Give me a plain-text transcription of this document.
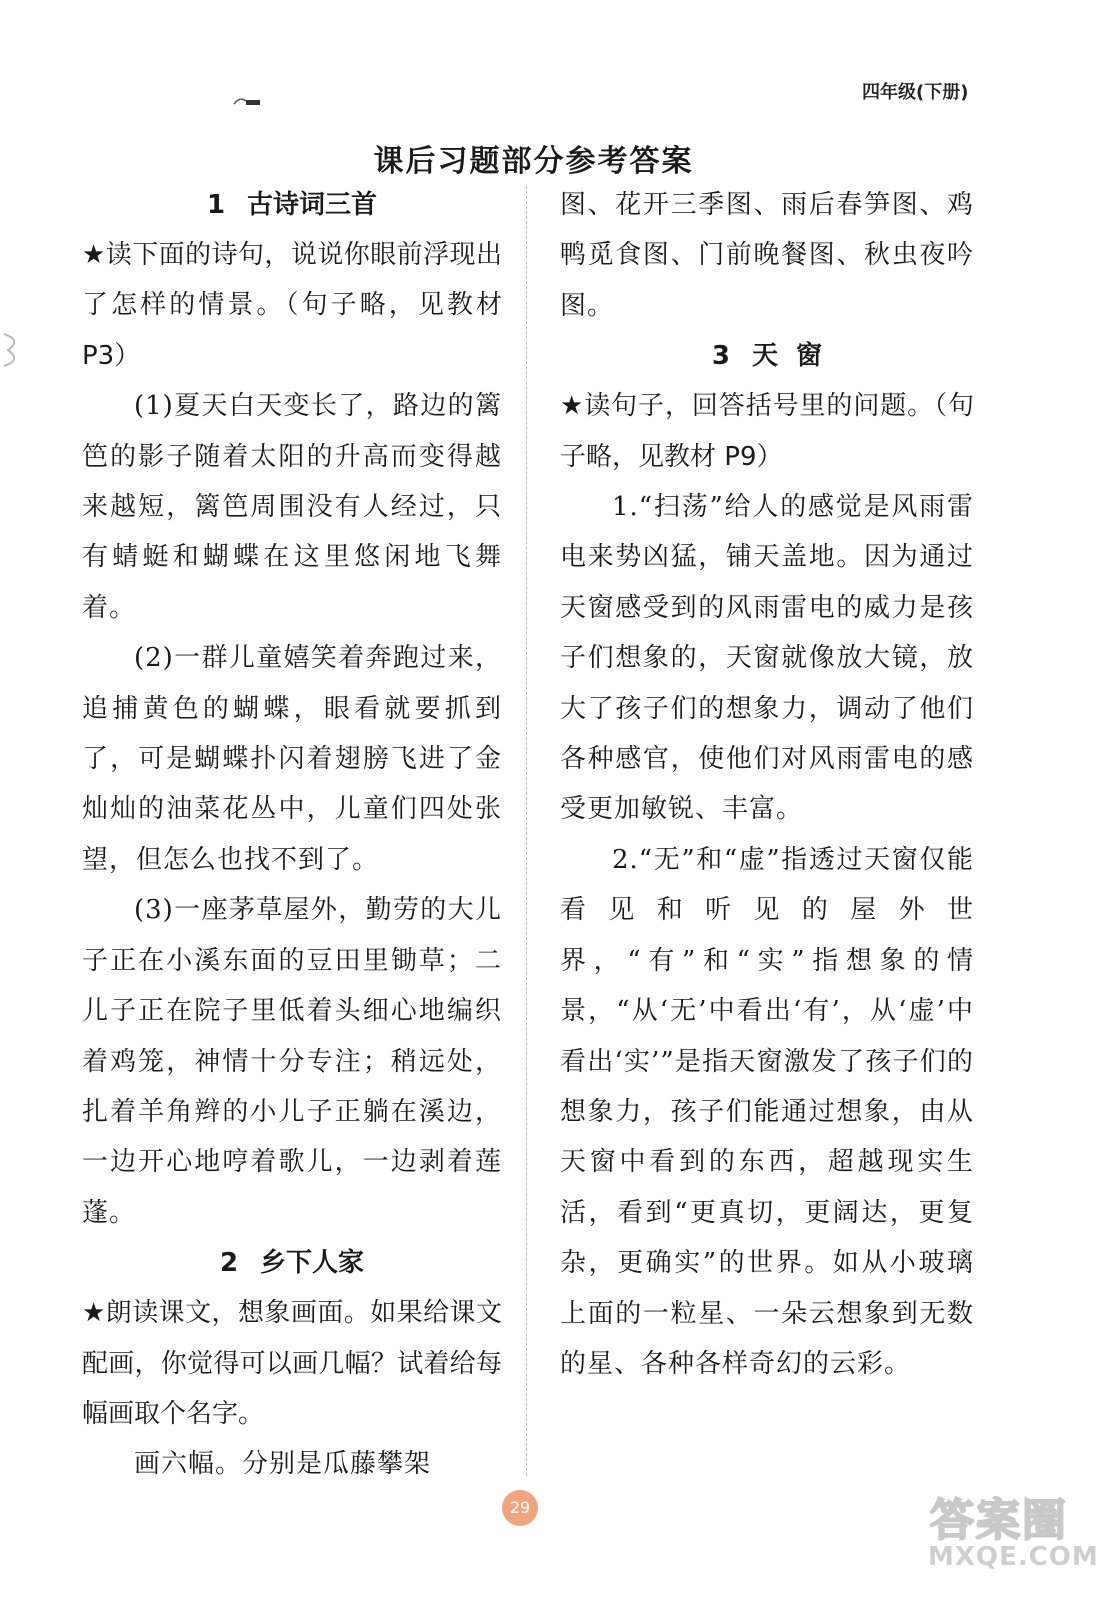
四年级(下册)
课后习题部分参考答案
1 古诗词三首

★读下面的诗句，说说你眼前浮现出了怎样的情景。（句子略，见教材 P3）

(1)夏天白天变长了，路边的篱笆的影子随着太阳的升高而变得越来越短，篱笆周围没有人经过，只有蜻蜓和蝴蝶在这里悠闲地飞舞着。

(2)一群儿童嬉笑着奔跑过来，追捕黄色的蝴蝶，眼看就要抓到了，可是蝴蝶扑闪着翅膀飞进了金灿灿的油菜花丛中，儿童们四处张望，但怎么也找不到了。

(3)一座茅草屋外，勤劳的大儿子正在小溪东面的豆田里锄草；二儿子正在院子里低着头细心地编织着鸡笼，神情十分专注；稍远处，扎着羊角辫的小儿子正躺在溪边，一边开心地哼着歌儿，一边剥着莲蓬。

2 乡下人家

★朗读课文，想象画面。如果给课文配画，你觉得可以画几幅？试着给每幅画取个名字。

画六幅。分别是瓜藤攀架

图、花开三季图、雨后春笋图、鸡鸭觅食图、门前晚餐图、秋虫夜吟图。

3 天  窗

★读句子，回答括号里的问题。（句子略，见教材 P9）

1.“扫荡”给人的感觉是风雨雷电来势凶猛，铺天盖地。因为通过天窗感受到的风雨雷电的威力是孩子们想象的，天窗就像放大镜，放大了孩子们的想象力，调动了他们各种感官，使他们对风雨雷电的感受更加敏锐、丰富。

2.“无”和“虚”指透过天窗仅能看见和听见的屋外世界，“有”和“实”指想象的情景，“从‘无’中看出‘有’，从‘虚’中看出‘实’”是指天窗激发了孩子们的想象力，孩子们能通过想象，由从天窗中看到的东西，超越现实生活，看到“更真切，更阔达，更复杂，更确实”的世界。如从小玻璃上面的一粒星、一朵云想象到无数的星、各种各样奇幻的云彩。

29	答案圈
MXQE.COM
